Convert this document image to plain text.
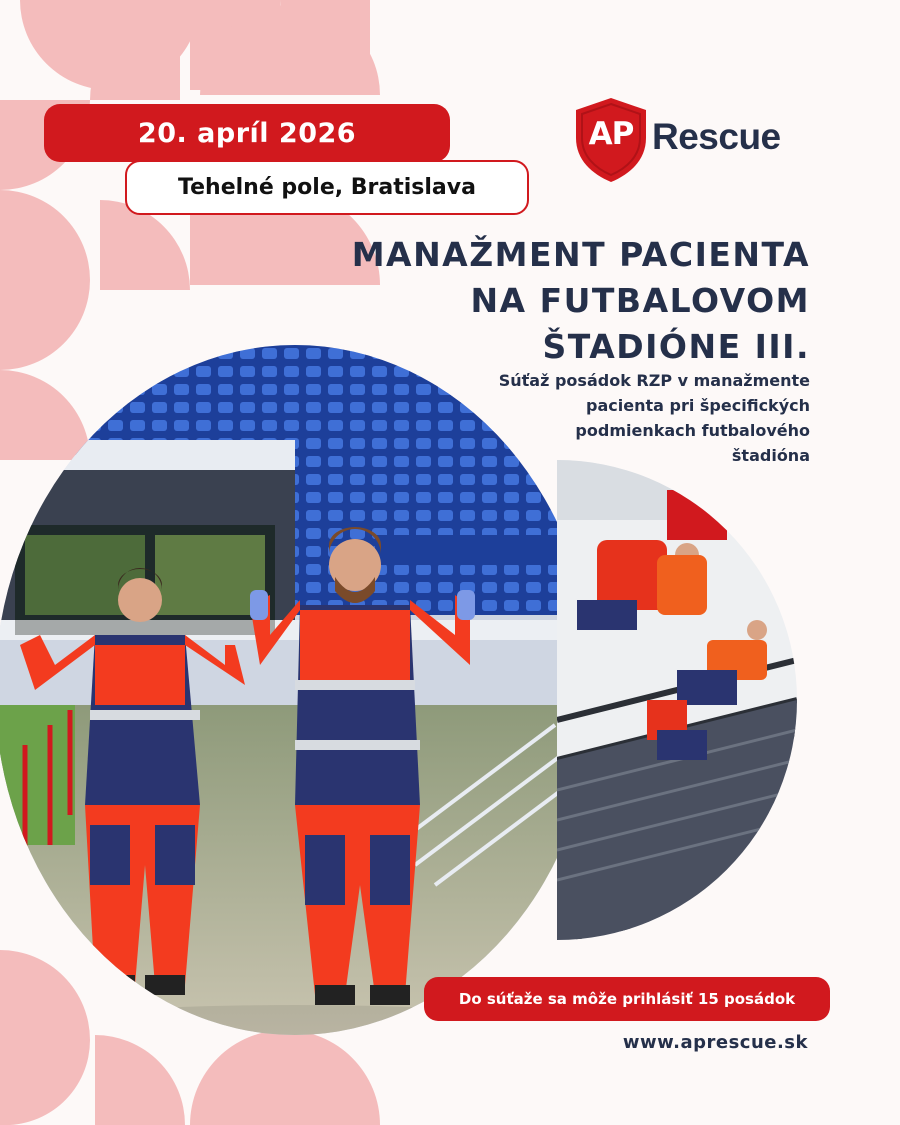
20. apríl 2026
Tehelné pole, Bratislava
AP Rescue
MANAŽMENT PACIENTA
NA FUTBALOVOM
ŠTADIÓNE III.
Súťaž posádok RZP v manažmente
pacienta pri špecifických
podmienkach futbalového
štadióna
Do súťaže sa môže prihlásiť 15 posádok
www.aprescue.sk
